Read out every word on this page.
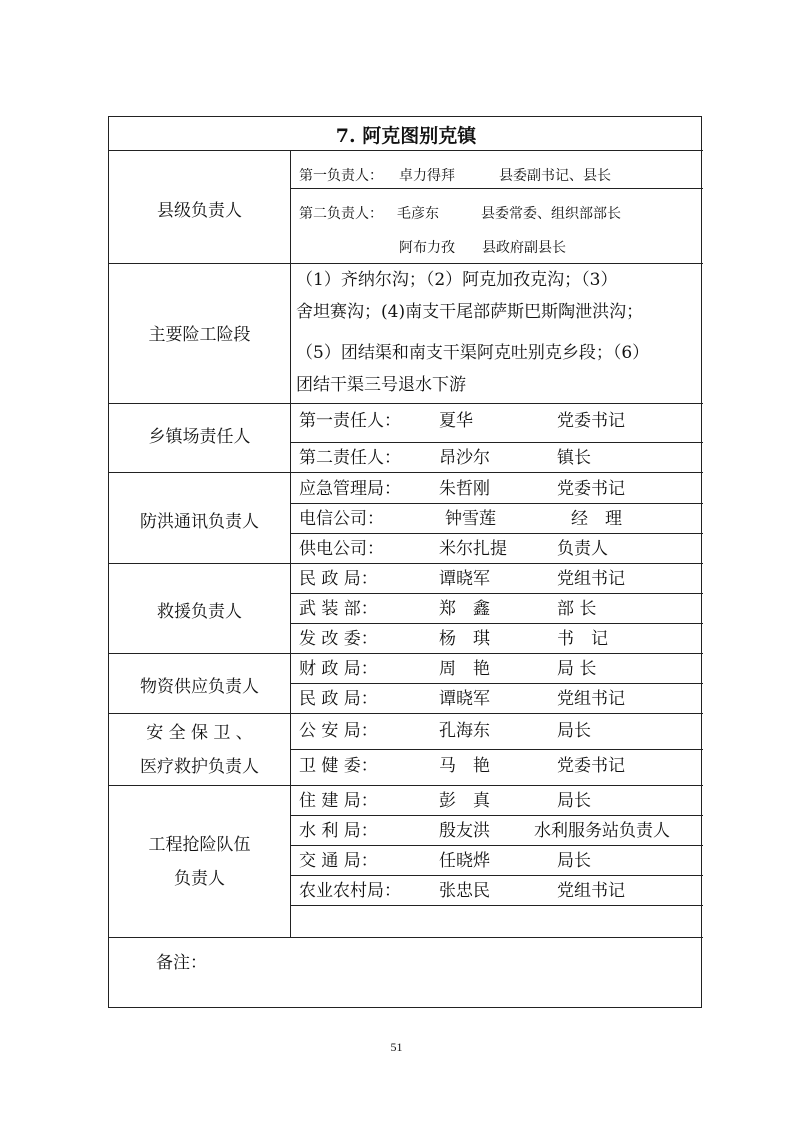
7. 阿克图别克镇
县级负责人
第一负责人： 卓力得拜	县委副书记、县长
第二负责人： 毛彦东	县委常委、组织部部长
阿布力孜 县政府副县长
主要险工险段
（1）齐纳尔沟；（2）阿克加孜克沟；（3）
舍坦赛沟；(4)南支干尾部萨斯巴斯陶泄洪沟；
（5）团结渠和南支干渠阿克吐别克乡段；（6）
团结干渠三号退水下游
乡镇场责任人
第一责任人： 夏华	党委书记
第二责任人： 昂沙尔	镇长
防洪通讯负责人
应急管理局： 朱哲刚	党委书记
电信公司：	钟雪莲	经　理
供电公司：	米尔扎提	负责人
救援负责人
民 政 局：	谭晓军	党组书记
武 装 部：	郑　鑫	部 长
发 改 委：	杨　琪	书　记
物资供应负责人
财 政 局：	周　艳	局 长
民 政 局：	谭晓军	党组书记
安 全 保 卫 、
医疗救护负责人
公 安 局：	孔海东	局长
卫 健 委：	马　艳	党委书记
工程抢险队伍
负责人
住 建 局：	彭　真	局长
水 利 局：	殷友洪	水利服务站负责人
交 通 局：	任晓烨	局长
农业农村局： 张忠民	党组书记
备注：
51
